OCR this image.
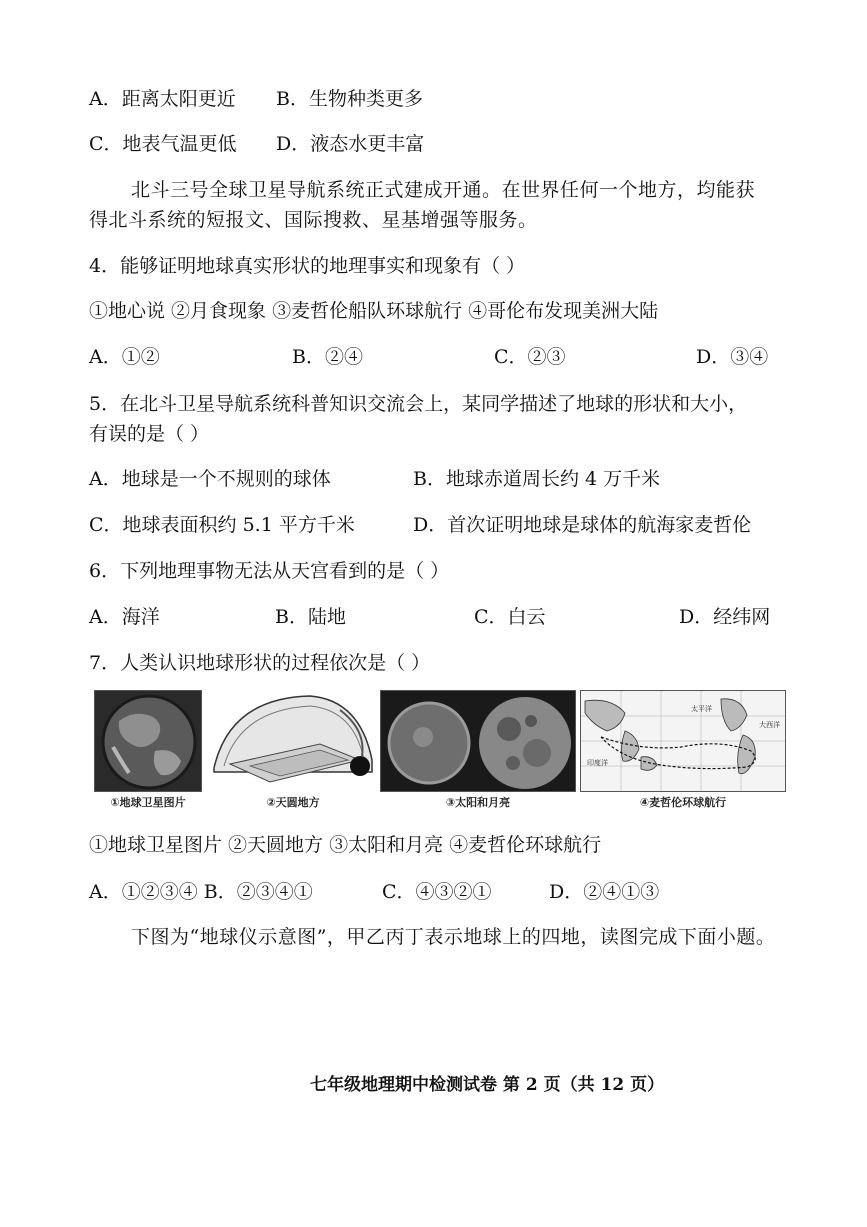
A．距离太阳更近 B．生物种类更多
C．地表气温更低 D．液态水更丰富
北斗三号全球卫星导航系统正式建成开通。在世界任何一个地方，均能获
得北斗系统的短报文、国际搜救、星基增强等服务。
4．能够证明地球真实形状的地理事实和现象有（ ）
①地心说 ②月食现象 ③麦哲伦船队环球航行 ④哥伦布发现美洲大陆
A．①②	B．②④	C．②③	D．③④
5．在北斗卫星导航系统科普知识交流会上，某同学描述了地球的形状和大小，
有误的是（ ）
A．地球是一个不规则的球体	B．地球赤道周长约 4 万千米
C．地球表面积约 5.1 平方千米	D．首次证明地球是球体的航海家麦哲伦
6．下列地理事物无法从天宫看到的是（ ）
A．海洋	B．陆地	C．白云	D．经纬网
7．人类认识地球形状的过程依次是（ ）
①地球卫星图片	②天圆地方	③太阳和月亮
太平洋
大西洋
印度洋
④麦哲伦环球航行
①地球卫星图片 ②天圆地方 ③太阳和月亮 ④麦哲伦环球航行
A．①②③④ B．②③④①	C．④③②①	D．②④①③
下图为“地球仪示意图”，甲乙丙丁表示地球上的四地，读图完成下面小题。
七年级地理期中检测试卷 第 2 页（共 12 页）
